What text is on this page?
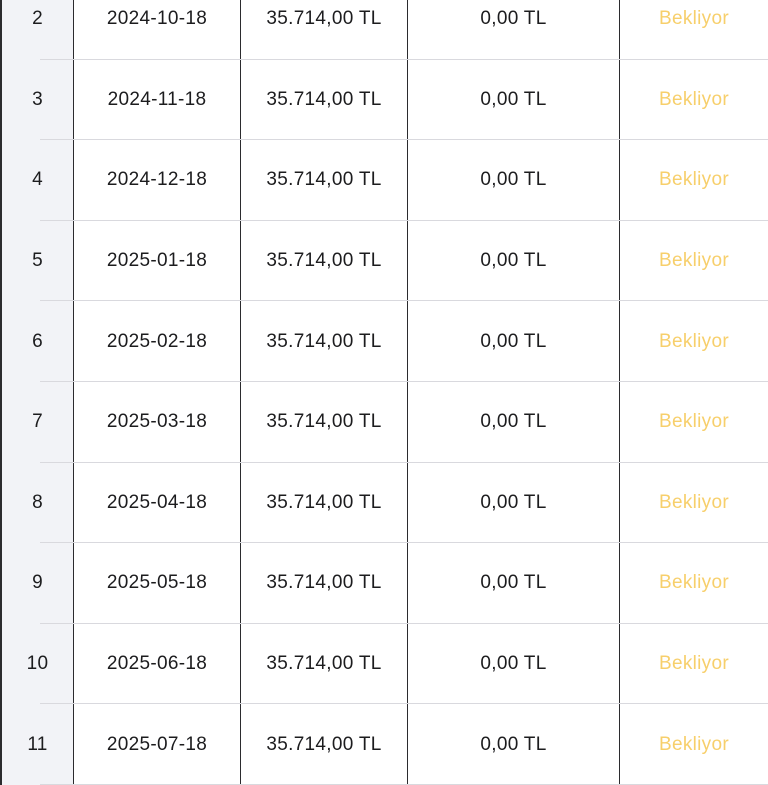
2	2024-10-18	35.714,00 TL	0,00 TL	Bekliyor
3	2024-11-18	35.714,00 TL	0,00 TL	Bekliyor
4	2024-12-18	35.714,00 TL	0,00 TL	Bekliyor
5	2025-01-18	35.714,00 TL	0,00 TL	Bekliyor
6	2025-02-18	35.714,00 TL	0,00 TL	Bekliyor
7	2025-03-18	35.714,00 TL	0,00 TL	Bekliyor
8	2025-04-18	35.714,00 TL	0,00 TL	Bekliyor
9	2025-05-18	35.714,00 TL	0,00 TL	Bekliyor
10	2025-06-18	35.714,00 TL	0,00 TL	Bekliyor
11	2025-07-18	35.714,00 TL	0,00 TL	Bekliyor
